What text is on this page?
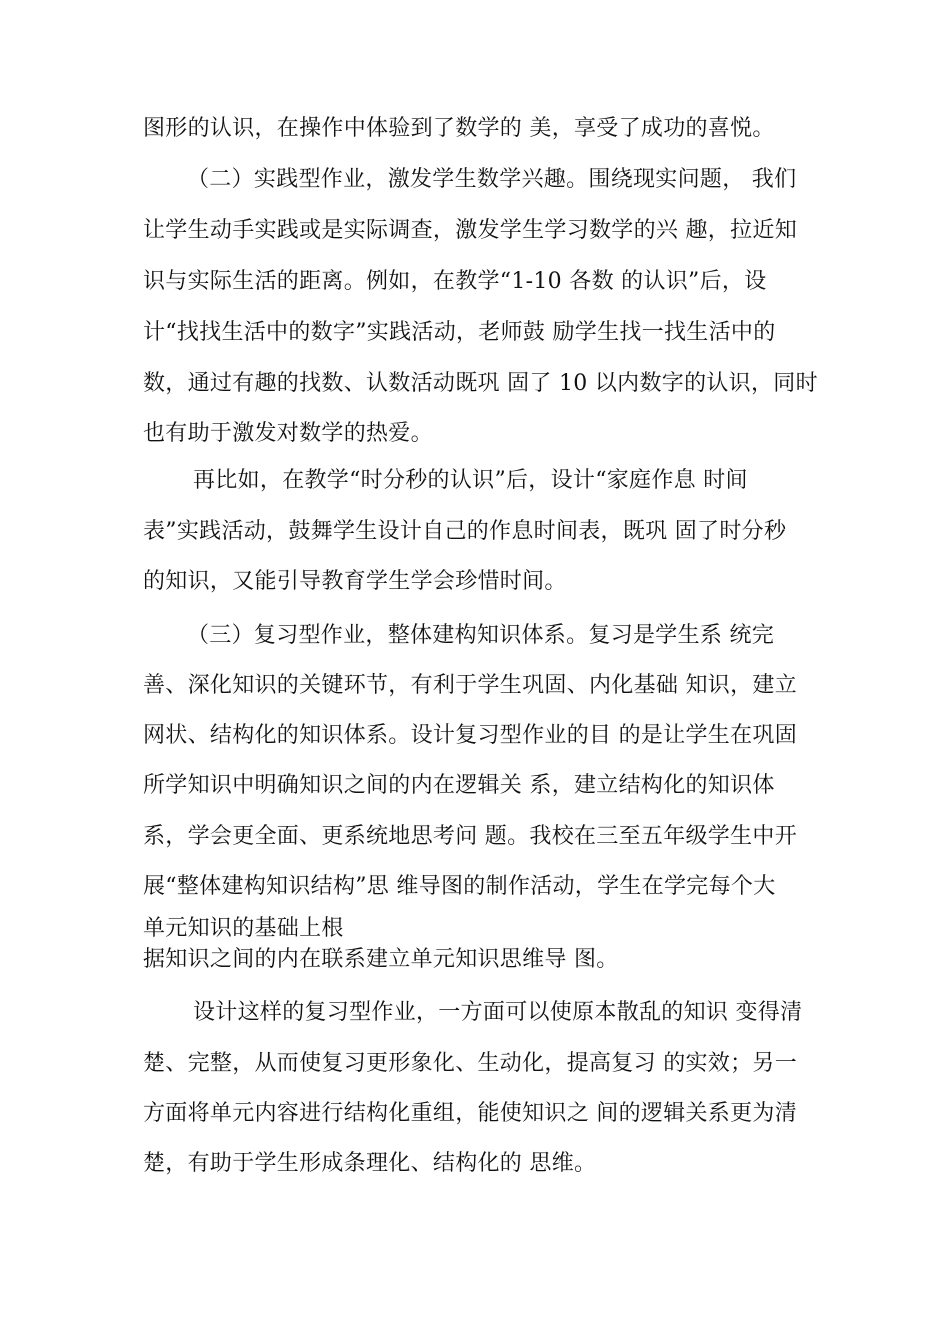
图形的认识，在操作中体验到了数学的 美，享受了成功的喜悦。
（二）实践型作业，激发学生数学兴趣。围绕现实问题， 我们
让学生动手实践或是实际调查，激发学生学习数学的兴 趣，拉近知
识与实际生活的距离。例如，在教学“1-10 各数 的认识”后，设
计“找找生活中的数字”实践活动，老师鼓 励学生找一找生活中的
数，通过有趣的找数、认数活动既巩 固了 10 以内数字的认识，同时
也有助于激发对数学的热爱。
再比如，在教学“时分秒的认识”后，设计“家庭作息 时间
表”实践活动，鼓舞学生设计自己的作息时间表，既巩 固了时分秒
的知识，又能引导教育学生学会珍惜时间。
（三）复习型作业，整体建构知识体系。复习是学生系 统完
善、深化知识的关键环节，有利于学生巩固、内化基础 知识，建立
网状、结构化的知识体系。设计复习型作业的目 的是让学生在巩固
所学知识中明确知识之间的内在逻辑关 系，建立结构化的知识体
系，学会更全面、更系统地思考问 题。我校在三至五年级学生中开
展“整体建构知识结构”思 维导图的制作活动，学生在学完每个大
单元知识的基础上根
据知识之间的内在联系建立单元知识思维导 图。
设计这样的复习型作业，一方面可以使原本散乱的知识 变得清
楚、完整，从而使复习更形象化、生动化，提高复习 的实效；另一
方面将单元内容进行结构化重组，能使知识之 间的逻辑关系更为清
楚，有助于学生形成条理化、结构化的 思维。
